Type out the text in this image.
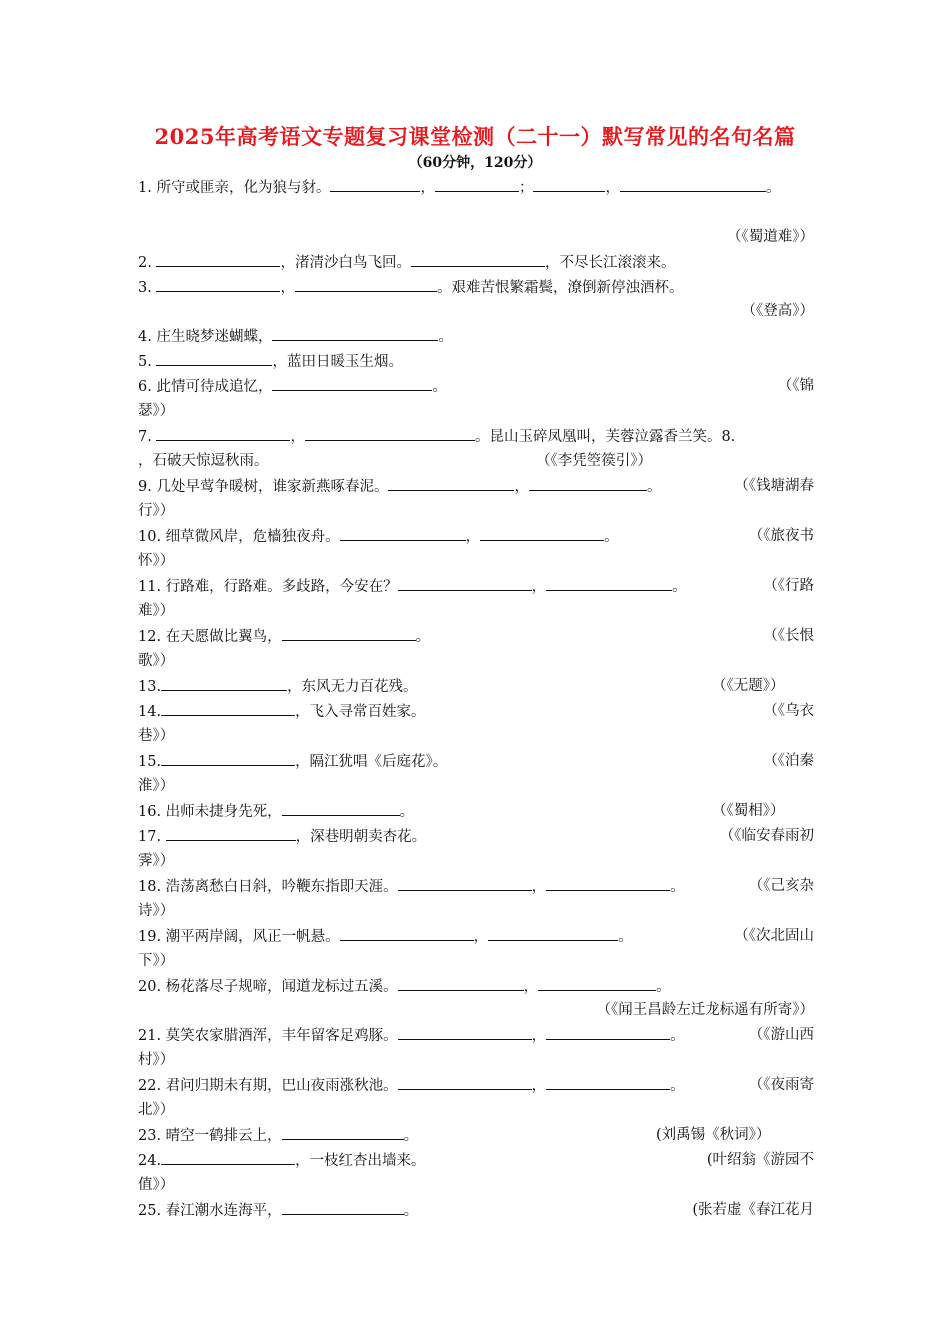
2025年高考语文专题复习课堂检测（二十一）默写常见的名句名篇
（60分钟，120分）
1. 所守或匪亲，化为狼与豺。	，	；	，	。
（《蜀道难》）
2.	，渚清沙白鸟飞回。	，不尽长江滚滚来。
3.	，	。艰难苦恨繁霜鬓，潦倒新停浊酒杯。
（《登高》）
4. 庄生晓梦迷蝴蝶，	。
5.	，蓝田日暖玉生烟。
6. 此情可待成追忆，	。	（《锦
瑟》）
7.	，	。昆山玉碎凤凰叫，芙蓉泣露香兰笑。8.
，石破天惊逗秋雨。	（《李凭箜篌引》）
9. 几处早莺争暖树，谁家新燕啄春泥。	，	。	（《钱塘湖春
行》）
10. 细草微风岸，危樯独夜舟。	，	。	（《旅夜书
怀》）
11. 行路难，行路难。多歧路，今安在？	，	。	（《行路
难》）
12. 在天愿做比翼鸟，	。	（《长恨
歌》）
13.	，东风无力百花残。	（《无题》）
14.	，飞入寻常百姓家。	（《乌衣
巷》）
15.	，隔江犹唱《后庭花》。	（《泊秦
淮》）
16. 出师未捷身先死，	。	（《蜀相》）
17.	，深巷明朝卖杏花。	（《临安春雨初
霁》）
18. 浩荡离愁白日斜，吟鞭东指即天涯。	，	。	（《己亥杂
诗》）
19. 潮平两岸阔，风正一帆悬。	，	。	（《次北固山
下》）
20. 杨花落尽子规啼，闻道龙标过五溪。	，	。
（《闻王昌龄左迁龙标遥有所寄》）
21. 莫笑农家腊酒浑，丰年留客足鸡豚。	，	。	（《游山西
村》）
22. 君问归期未有期，巴山夜雨涨秋池。	，	。	（《夜雨寄
北》）
23. 晴空一鹤排云上，	。	(刘禹锡《秋词》）
24.	，一枝红杏出墙来。	(叶绍翁《游园不
值》）
25. 春江潮水连海平，	。	(张若虚《春江花月
